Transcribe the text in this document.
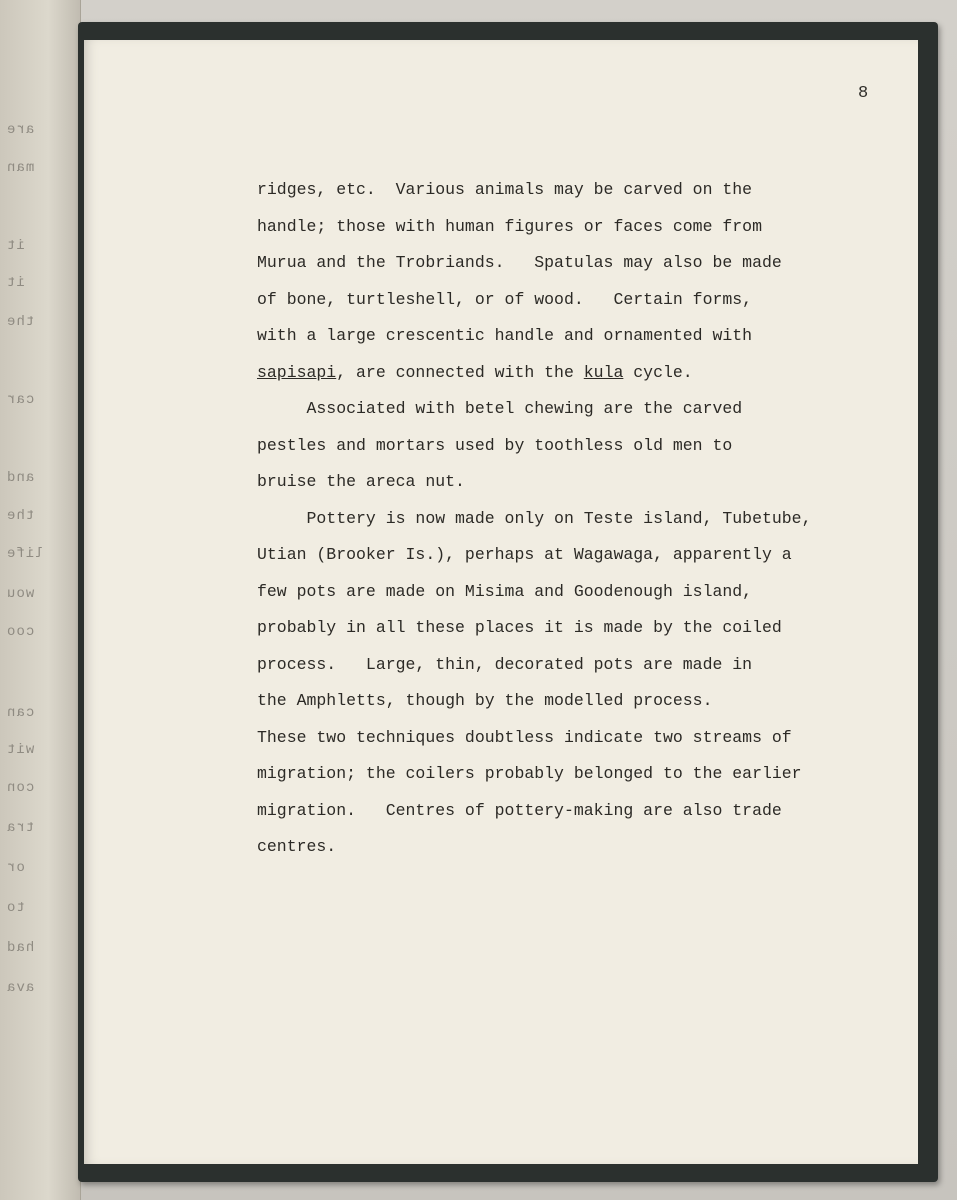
are
man
it
it
the
car
and
the
life
wou
coo
can
wit
con
tra
or
to
had
ava
8
ridges, etc.  Various animals may be carved on the
handle; those with human figures or faces come from
Murua and the Trobriands.   Spatulas may also be made
of bone, turtleshell, or of wood.   Certain forms,
with a large crescentic handle and ornamented with
sapisapi, are connected with the kula cycle.
Associated with betel chewing are the carved
pestles and mortars used by toothless old men to
bruise the areca nut.
Pottery is now made only on Teste island, Tubetube,
Utian (Brooker Is.), perhaps at Wagawaga, apparently a
few pots are made on Misima and Goodenough island,
probably in all these places it is made by the coiled
process.   Large, thin, decorated pots are made in
the Amphletts, though by the modelled process.
These two techniques doubtless indicate two streams of
migration; the coilers probably belonged to the earlier
migration.   Centres of pottery-making are also trade
centres.
